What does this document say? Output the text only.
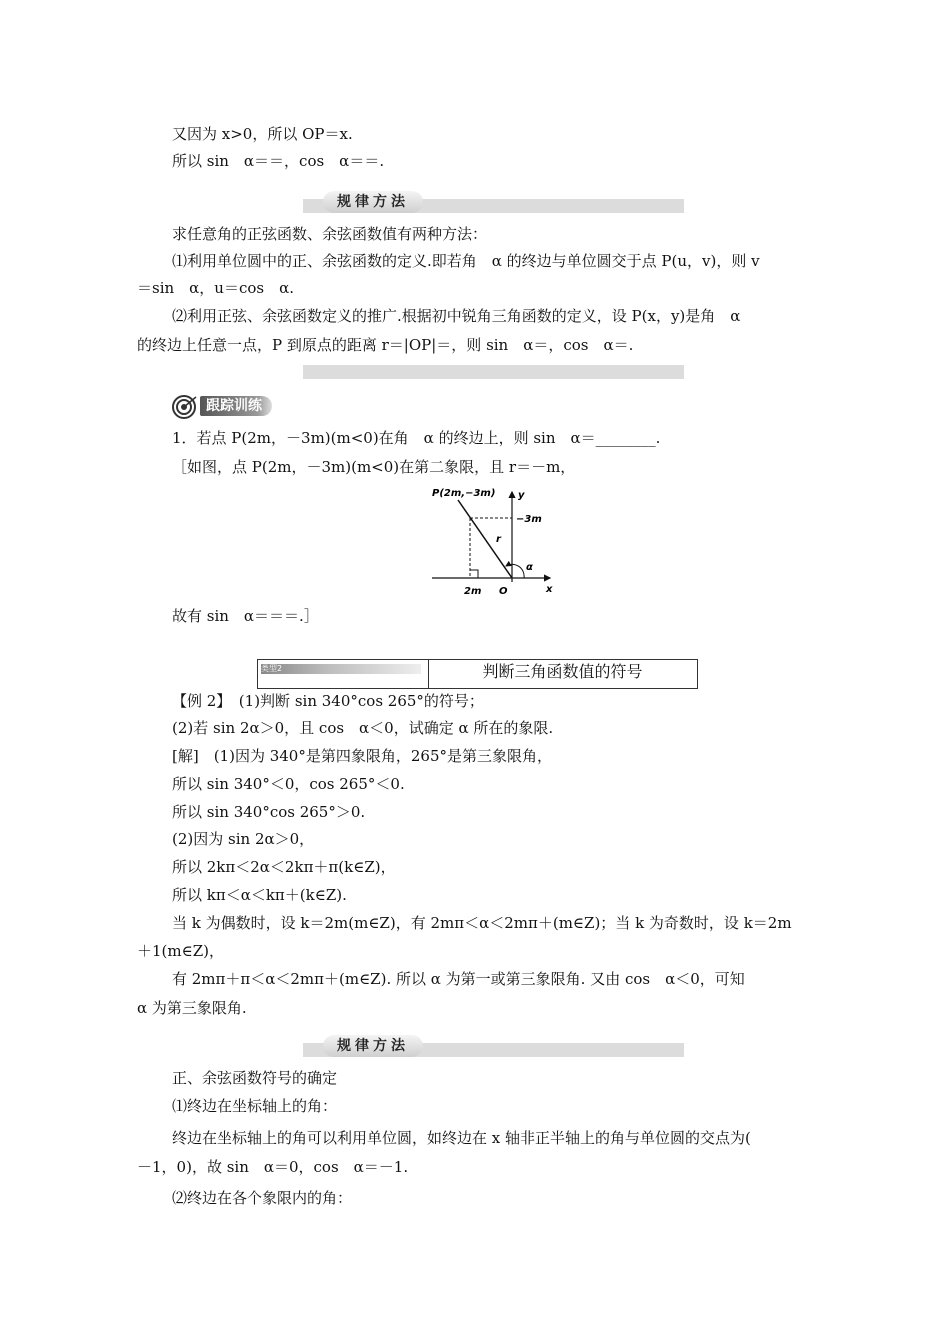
又因为 x>0，所以 OP＝x.
所以 sin　α＝＝，cos　α＝＝.
规律方法
求任意角的正弦函数、余弦函数值有两种方法：
⑴利用单位圆中的正、余弦函数的定义.即若角　α 的终边与单位圆交于点 P(u，v)，则 v
＝sin　α，u＝cos　α.
⑵利用正弦、余弦函数定义的推广.根据初中锐角三角函数的定义，设 P(x，y)是角　α
的终边上任意一点，P 到原点的距离 r＝|OP|＝，则 sin　α＝，cos　α＝.
跟踪训练
1．若点 P(2m，－3m)(m<0)在角　α 的终边上，则 sin　α＝________.
［如图，点 P(2m，－3m)(m<0)在第二象限，且 r＝－m，
P(2m,−3m) y
−3m
r
α
2m O	x
故有 sin　α＝＝＝.］
类型2	判断三角函数值的符号
【例 2】　(1)判断 sin 340°cos 265°的符号；
(2)若 sin 2α＞0，且 cos　α＜0，试确定 α 所在的象限.
[解]　(1)因为 340°是第四象限角，265°是第三象限角，
所以 sin 340°＜0，cos 265°＜0.
所以 sin 340°cos 265°＞0.
(2)因为 sin 2α＞0，
所以 2kπ＜2α＜2kπ＋π(k∈Z)，
所以 kπ＜α＜kπ＋(k∈Z).
当 k 为偶数时，设 k＝2m(m∈Z)，有 2mπ＜α＜2mπ＋(m∈Z)；当 k 为奇数时，设 k＝2m
＋1(m∈Z)，
有 2mπ＋π＜α＜2mπ＋(m∈Z). 所以 α 为第一或第三象限角. 又由 cos　α＜0，可知
α 为第三象限角.
规律方法
正、余弦函数符号的确定
⑴终边在坐标轴上的角：
终边在坐标轴上的角可以利用单位圆，如终边在 x 轴非正半轴上的角与单位圆的交点为(
－1，0)，故 sin　α＝0，cos　α＝－1.
⑵终边在各个象限内的角：
